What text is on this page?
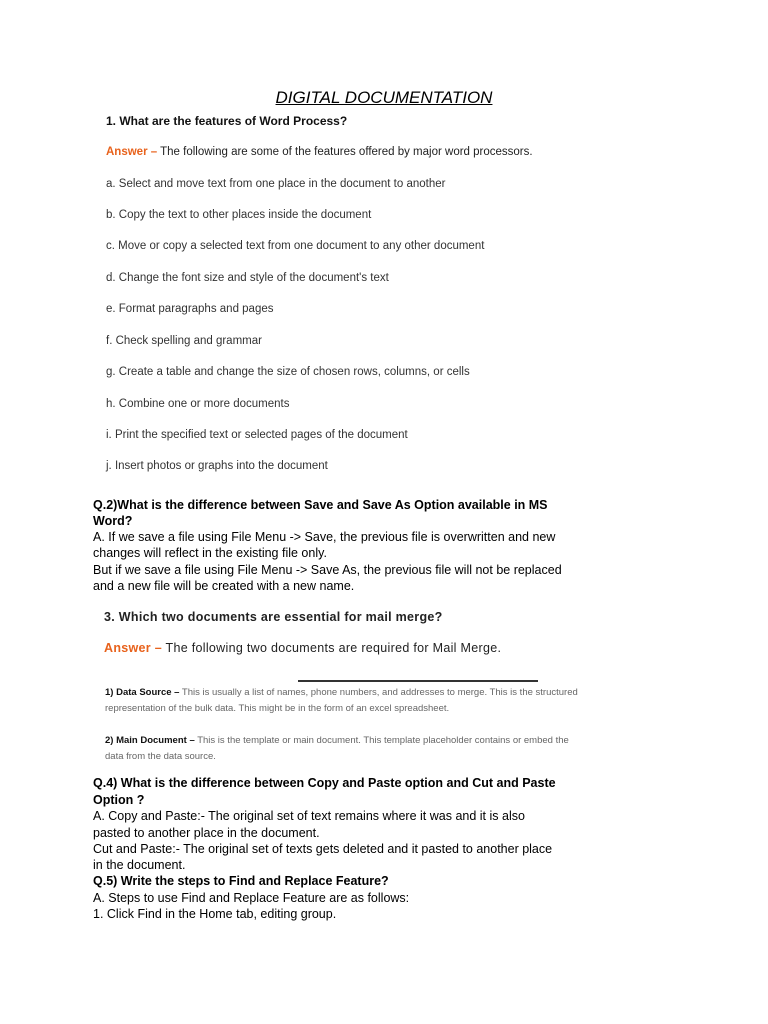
DIGITAL DOCUMENTATION
1. What are the features of Word Process?
Answer – The following are some of the features offered by major word processors.
a. Select and move text from one place in the document to another
b. Copy the text to other places inside the document
c. Move or copy a selected text from one document to any other document
d. Change the font size and style of the document's text
e. Format paragraphs and pages
f. Check spelling and grammar
g. Create a table and change the size of chosen rows, columns, or cells
h. Combine one or more documents
i. Print the specified text or selected pages of the document
j. Insert photos or graphs into the document
Q.2)What is the difference between Save and Save As Option available in MS
Word?
A. If we save a file using File Menu -> Save, the previous file is overwritten and new
changes will reflect in the existing file only.
But if we save a file using File Menu -> Save As, the previous file will not be replaced
and a new file will be created with a new name.
3. Which two documents are essential for mail merge?
Answer – The following two documents are required for Mail Merge.
1) Data Source – This is usually a list of names, phone numbers, and addresses to merge. This is the structured
representation of the bulk data. This might be in the form of an excel spreadsheet.
2) Main Document – This is the template or main document. This template placeholder contains or embed the
data from the data source.
Q.4) What is the difference between Copy and Paste option and Cut and Paste
Option ?
A. Copy and Paste:- The original set of text remains where it was and it is also
pasted to another place in the document.
Cut and Paste:- The original set of texts gets deleted and it pasted to another place
in the document.
Q.5) Write the steps to Find and Replace Feature?
A. Steps to use Find and Replace Feature are as follows:
1. Click Find in the Home tab, editing group.
